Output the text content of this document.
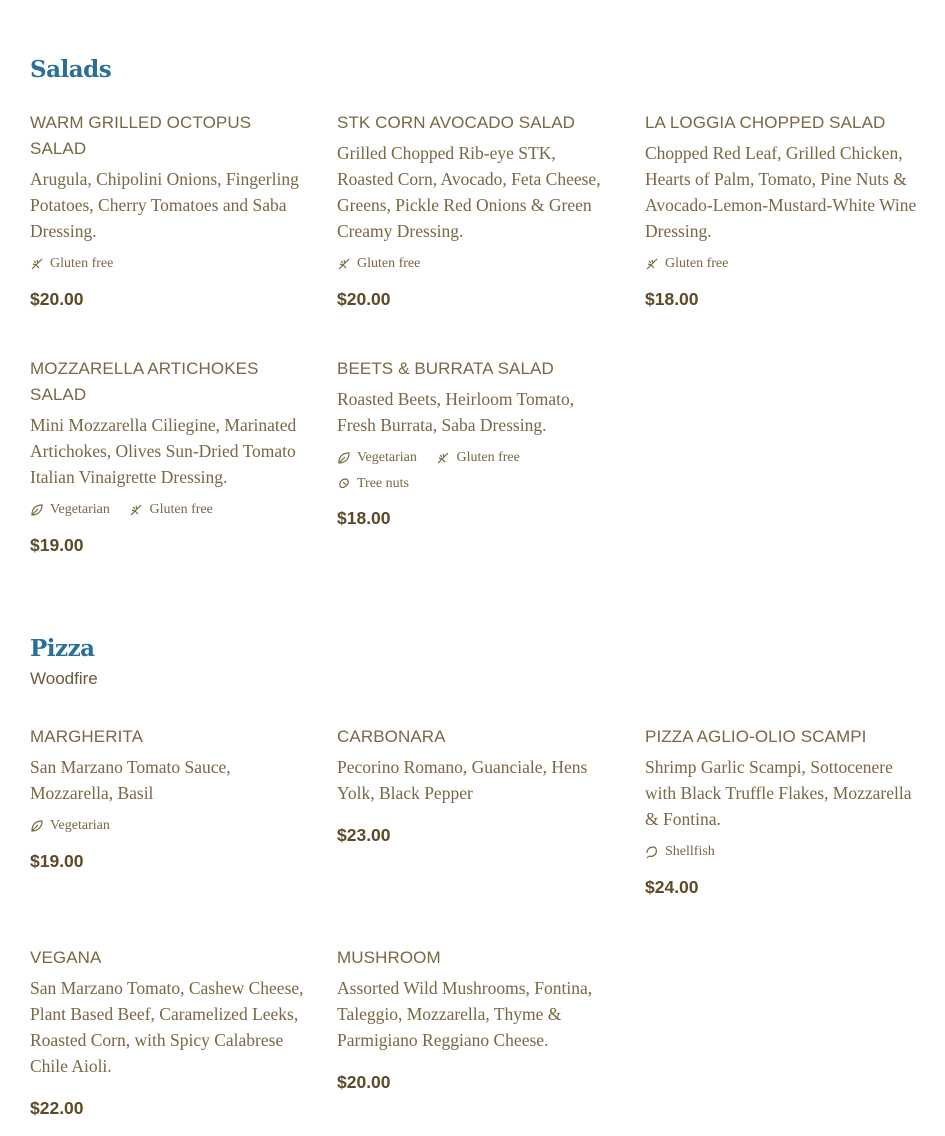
Salads
WARM GRILLED OCTOPUS SALAD
Arugula, Chipolini Onions, Fingerling Potatoes, Cherry Tomatoes and Saba Dressing.
Gluten free
$20.00
STK CORN AVOCADO SALAD
Grilled Chopped Rib-eye STK, Roasted Corn, Avocado, Feta Cheese, Greens, Pickle Red Onions & Green Creamy Dressing.
Gluten free
$20.00
LA LOGGIA CHOPPED SALAD
Chopped Red Leaf, Grilled Chicken, Hearts of Palm, Tomato, Pine Nuts & Avocado-Lemon-Mustard-White Wine Dressing.
Gluten free
$18.00
MOZZARELLA ARTICHOKES SALAD
Mini Mozzarella Ciliegine, Marinated Artichokes, Olives Sun-Dried Tomato Italian Vinaigrette Dressing.
Vegetarian
	Gluten free
$19.00
BEETS & BURRATA SALAD
Roasted Beets, Heirloom Tomato, Fresh Burrata, Saba Dressing.
Vegetarian
	Gluten free

Tree nuts
$18.00
Pizza
Woodfire
MARGHERITA
San Marzano Tomato Sauce, Mozzarella, Basil
Vegetarian
$19.00
CARBONARA
Pecorino Romano, Guanciale, Hens Yolk, Black Pepper
$23.00
PIZZA AGLIO-OLIO SCAMPI
Shrimp Garlic Scampi, Sottocenere with Black Truffle Flakes, Mozzarella & Fontina.
Shellfish
$24.00
VEGANA
San Marzano Tomato, Cashew Cheese, Plant Based Beef, Caramelized Leeks, Roasted Corn, with Spicy Calabrese Chile Aioli.
$22.00
MUSHROOM
Assorted Wild Mushrooms, Fontina, Taleggio, Mozzarella, Thyme & Parmigiano Reggiano Cheese.
$20.00
